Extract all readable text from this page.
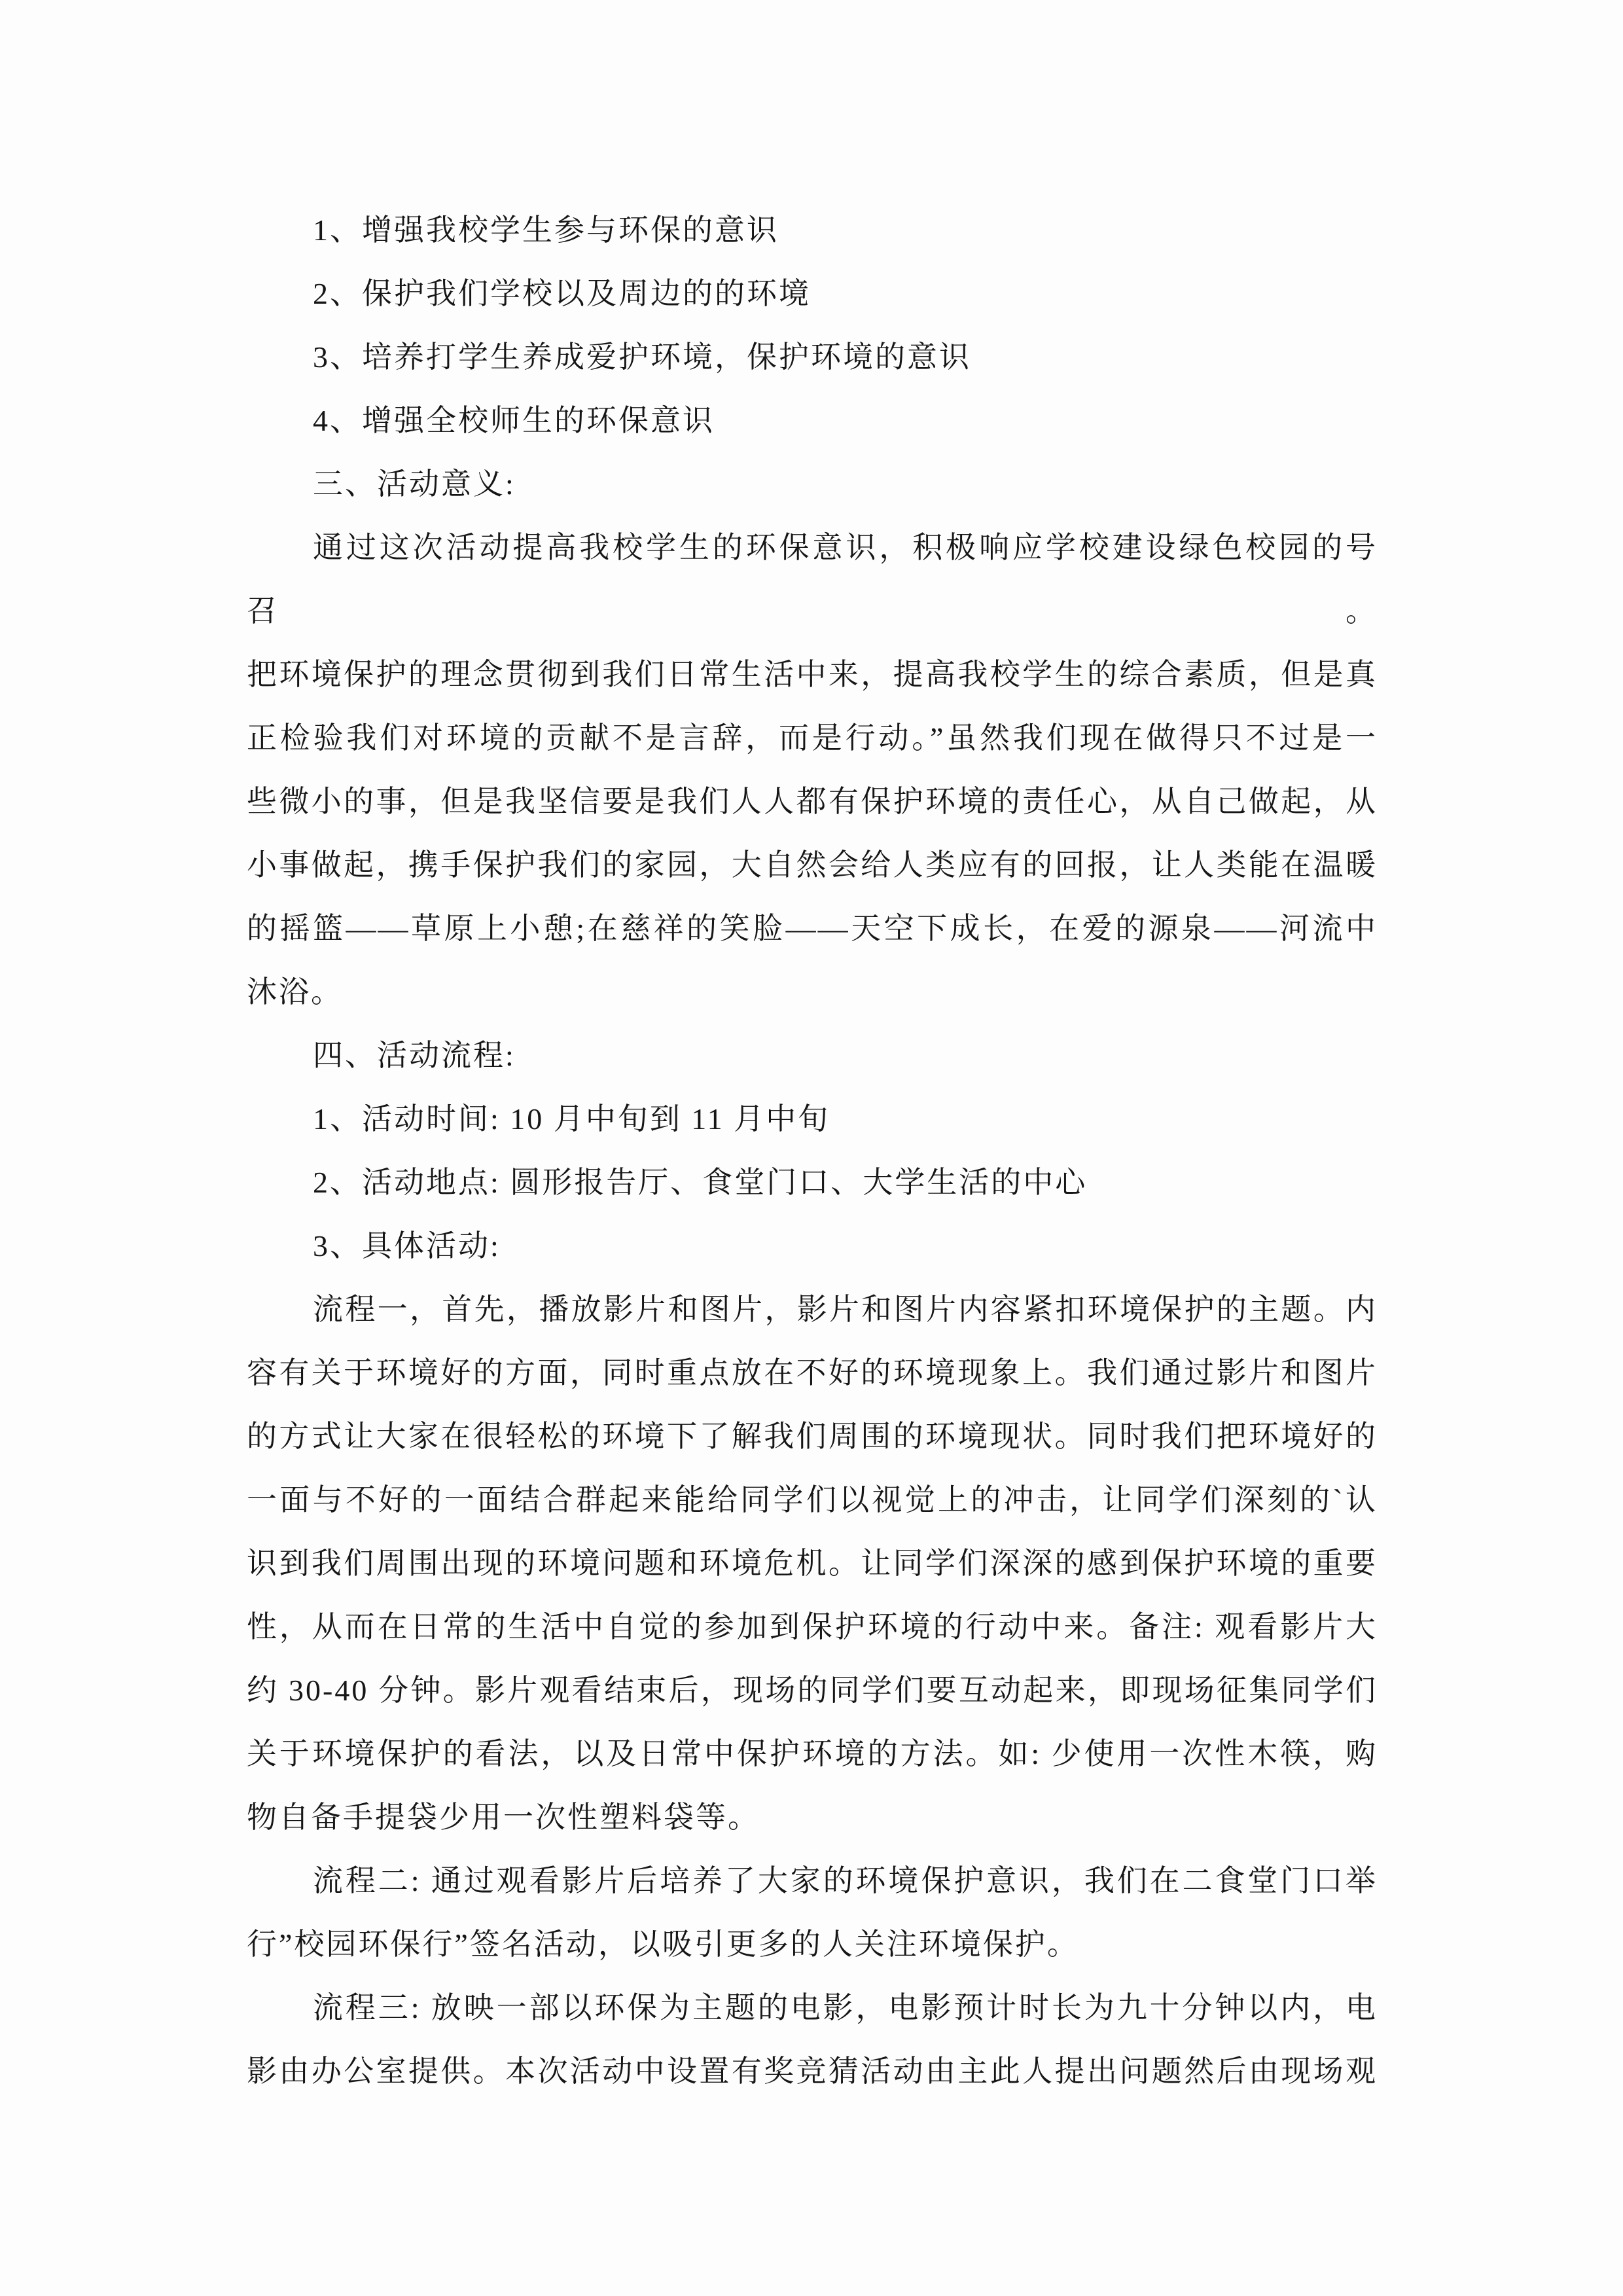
1、增强我校学生参与环保的意识
2、保护我们学校以及周边的的环境
3、培养打学生养成爱护环境，保护环境的意识
4、增强全校师生的环保意识
三、活动意义:
通过这次活动提高我校学生的环保意识，积极响应学校建设绿色校园的号召。
把环境保护的理念贯彻到我们日常生活中来，提高我校学生的综合素质，但是真
正检验我们对环境的贡献不是言辞，而是行动。”虽然我们现在做得只不过是一
些微小的事，但是我坚信要是我们人人都有保护环境的责任心，从自己做起，从
小事做起，携手保护我们的家园，大自然会给人类应有的回报，让人类能在温暖
的摇篮——草原上小憩;在慈祥的笑脸——天空下成长，在爱的源泉——河流中
沐浴。
四、活动流程:
1、活动时间: 10 月中旬到 11 月中旬
2、活动地点: 圆形报告厅、食堂门口、大学生活的中心
3、具体活动:
流程一，首先，播放影片和图片，影片和图片内容紧扣环境保护的主题。内
容有关于环境好的方面，同时重点放在不好的环境现象上。我们通过影片和图片
的方式让大家在很轻松的环境下了解我们周围的环境现状。同时我们把环境好的
一面与不好的一面结合群起来能给同学们以视觉上的冲击，让同学们深刻的`认
识到我们周围出现的环境问题和环境危机。让同学们深深的感到保护环境的重要
性，从而在日常的生活中自觉的参加到保护环境的行动中来。备注: 观看影片大
约 30-40 分钟。影片观看结束后，现场的同学们要互动起来，即现场征集同学们
关于环境保护的看法，以及日常中保护环境的方法。如: 少使用一次性木筷，购
物自备手提袋少用一次性塑料袋等。
流程二: 通过观看影片后培养了大家的环境保护意识，我们在二食堂门口举
行”校园环保行”签名活动，以吸引更多的人关注环境保护。
流程三: 放映一部以环保为主题的电影，电影预计时长为九十分钟以内，电
影由办公室提供。本次活动中设置有奖竞猜活动由主此人提出问题然后由现场观
